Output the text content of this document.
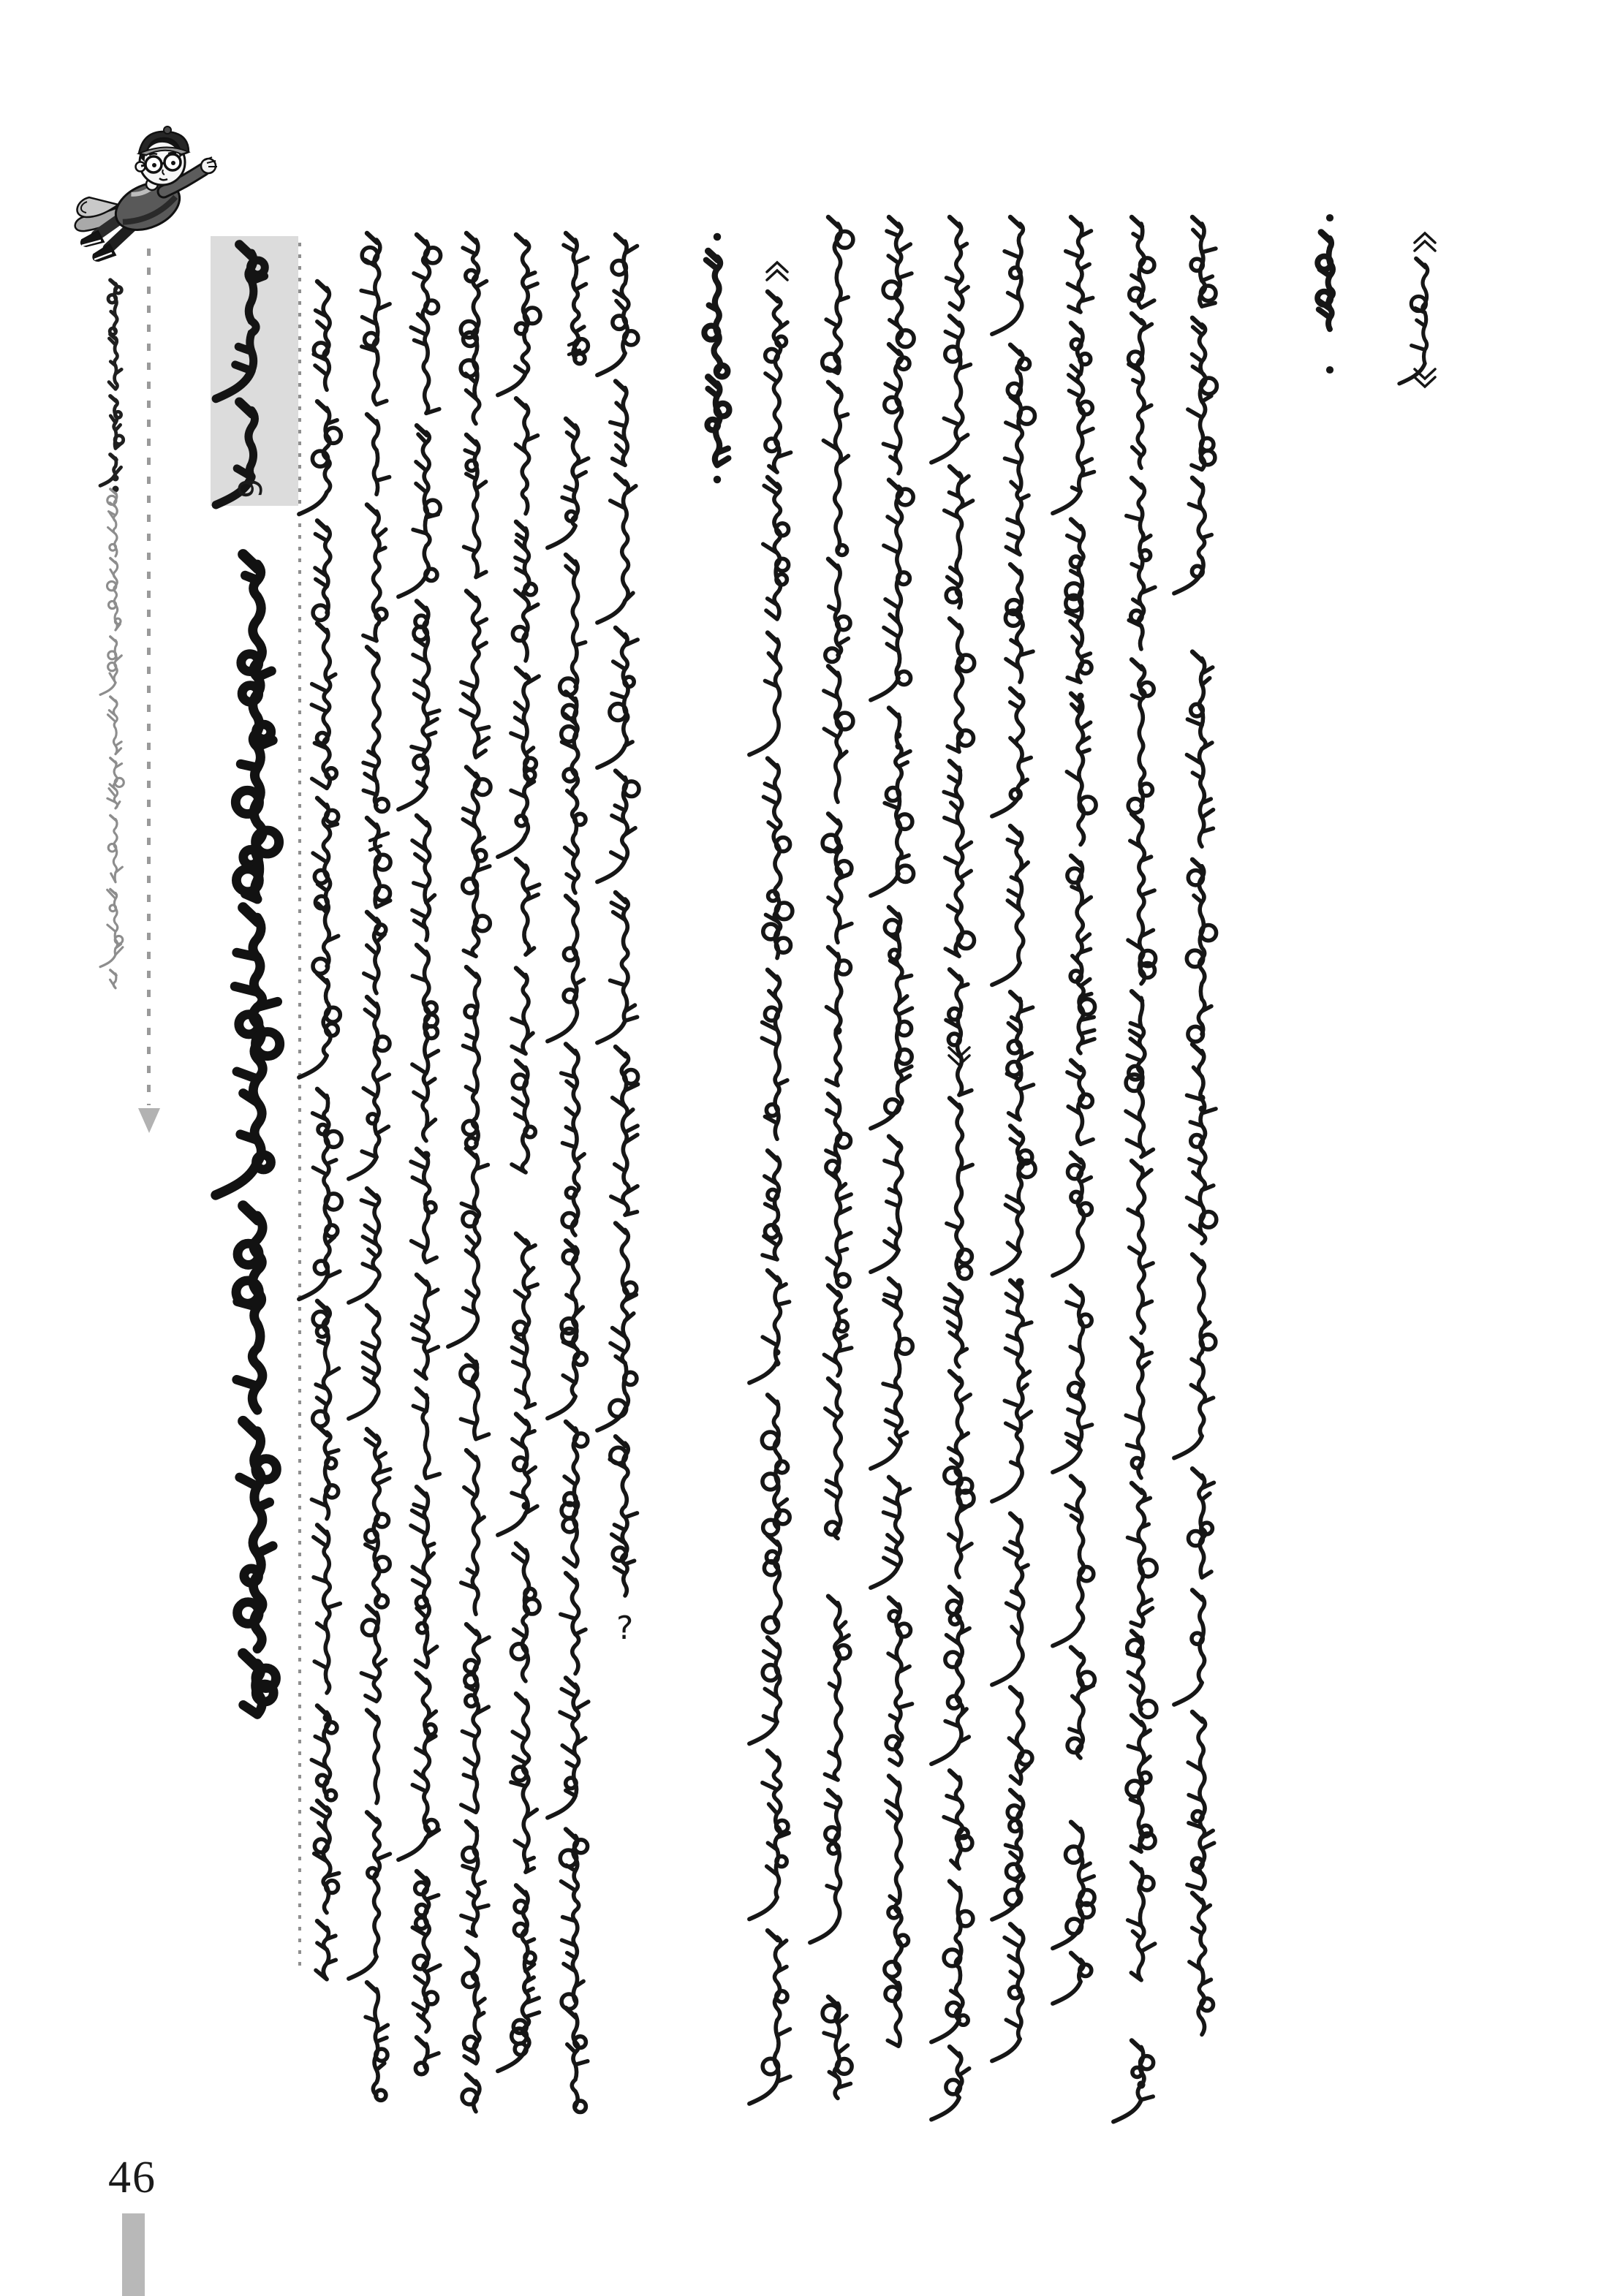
?
6
46
